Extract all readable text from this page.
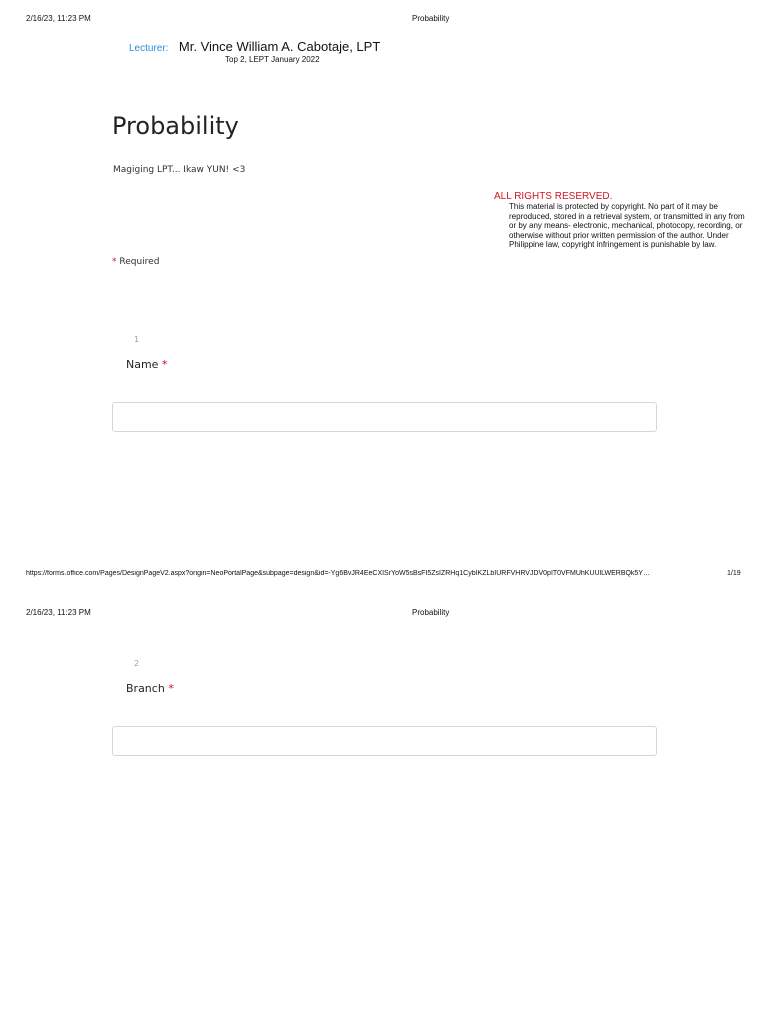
2/16/23, 11:23 PM	Probability
Lecturer: Mr. Vince William A. Cabotaje, LPT
Top 2, LEPT January 2022
Probability
Magiging LPT... Ikaw YUN! <3
ALL RIGHTS RESERVED.
This material is protected by copyright. No part of it may be reproduced, stored in a retrieval system, or transmitted in any from or by any means- electronic, mechanical, photocopy, recording, or otherwise without prior written permission of the author. Under Philippine law, copyright infringement is punishable by law.
* Required
1
Name *
https://forms.office.com/Pages/DesignPageV2.aspx?origin=NeoPortalPage&subpage=design&id=-Yg6BvJR4EeCXISrYoW5sBsFI5ZsIZRHq1CybIKZLbIURFVHRVJDV0pIT0VFMUhKUUlLWERBQk5Y…	1/19
2/16/23, 11:23 PM	Probability
2
Branch *
